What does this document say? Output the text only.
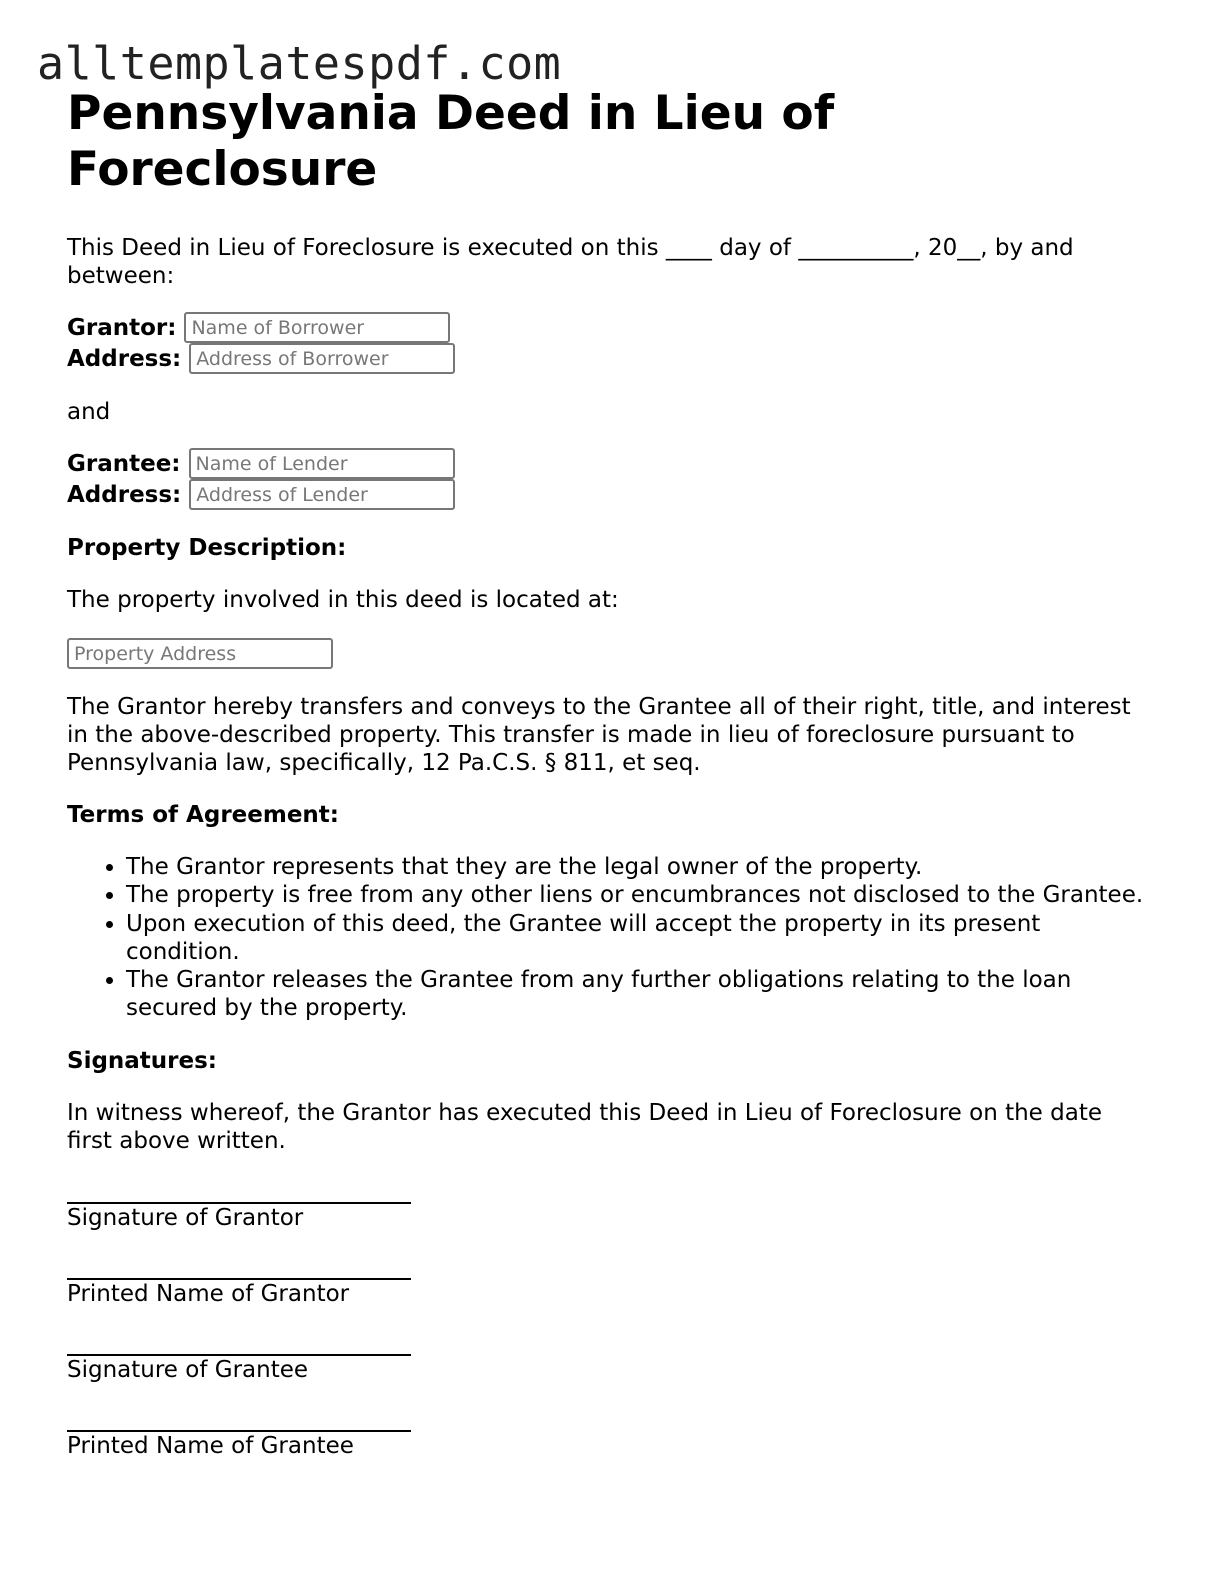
alltemplatespdf.com
Pennsylvania Deed in Lieu of Foreclosure

This Deed in Lieu of Foreclosure is executed on this ____ day of __________, 20__, by and between:

Grantor:
Name of Borrower
Address:
Address of Borrower

and

Grantee:
Name of Lender
Address:
Address of Lender
Property Description:

The property involved in this deed is located at:

Property Address

The Grantor hereby transfers and conveys to the Grantee all of their right, title, and interest in the above-described property. This transfer is made in lieu of foreclosure pursuant to Pennsylvania law, specifically, 12 Pa.C.S. § 811, et seq.

Terms of Agreement:
• The Grantor represents that they are the legal owner of the property.
• The property is free from any other liens or encumbrances not disclosed to the Grantee.
• Upon execution of this deed, the Grantee will accept the property in its present condition.
• The Grantor releases the Grantee from any further obligations relating to the loan secured by the property.
Signatures:

In witness whereof, the Grantor has executed this Deed in Lieu of Foreclosure on the date first above written.

Signature of Grantor
Printed Name of Grantor
Signature of Grantee
Printed Name of Grantee
